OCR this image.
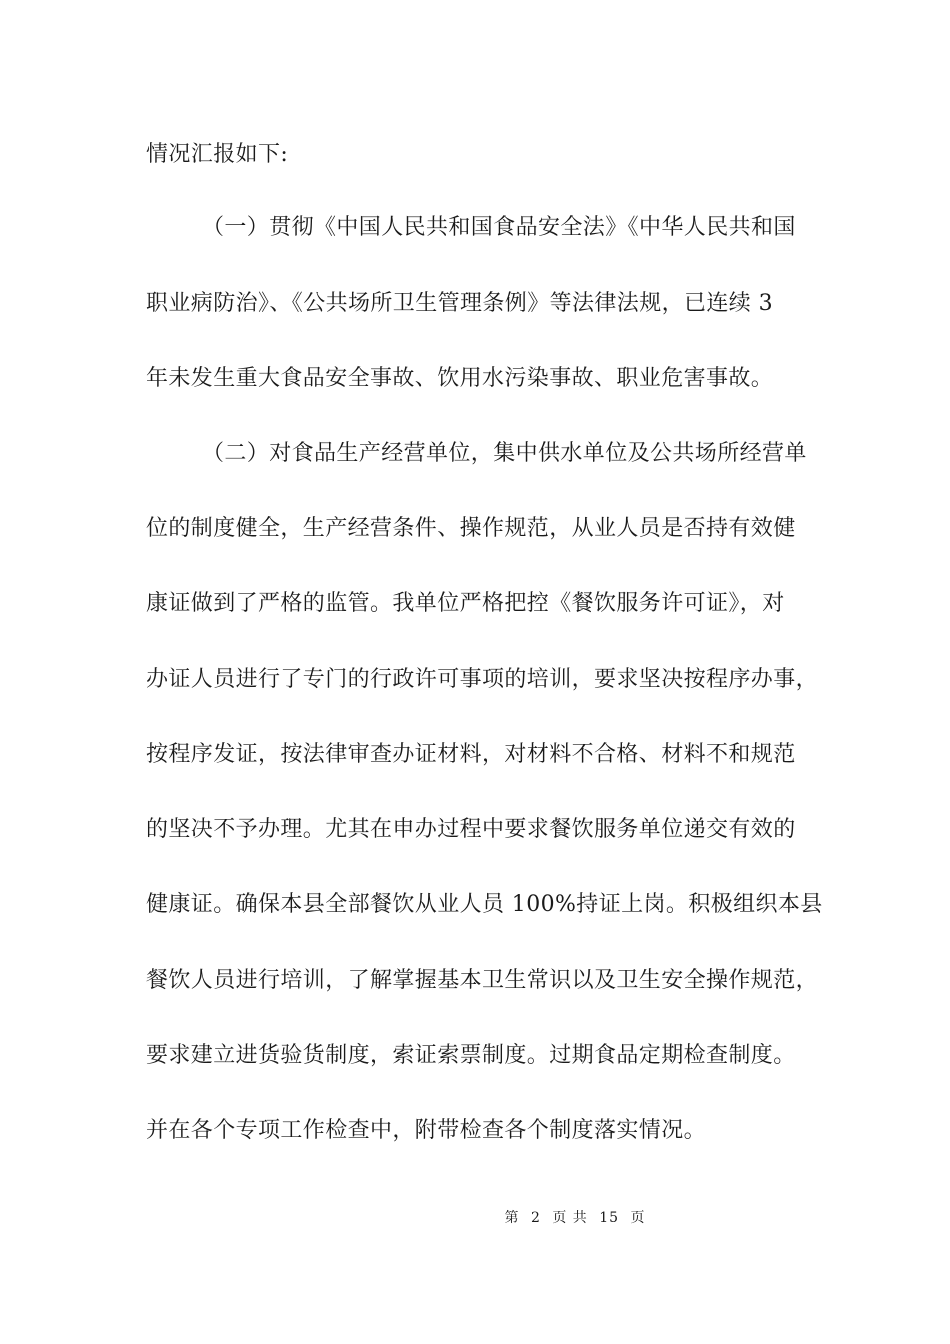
情况汇报如下:
（一）贯彻《中国人民共和国食品安全法》《中华人民共和国
职业病防治》、《公共场所卫生管理条例》等法律法规，已连续 3
年未发生重大食品安全事故、饮用水污染事故、职业危害事故。
（二）对食品生产经营单位，集中供水单位及公共场所经营单
位的制度健全，生产经营条件、操作规范，从业人员是否持有效健
康证做到了严格的监管。我单位严格把控《餐饮服务许可证》，对
办证人员进行了专门的行政许可事项的培训，要求坚决按程序办事，
按程序发证，按法律审查办证材料，对材料不合格、材料不和规范
的坚决不予办理。尤其在申办过程中要求餐饮服务单位递交有效的
健康证。确保本县全部餐饮从业人员 100%持证上岗。积极组织本县
餐饮人员进行培训，了解掌握基本卫生常识以及卫生安全操作规范，
要求建立进货验货制度，索证索票制度。过期食品定期检查制度。
并在各个专项工作检查中，附带检查各个制度落实情况。
第 2 页 共 15 页
